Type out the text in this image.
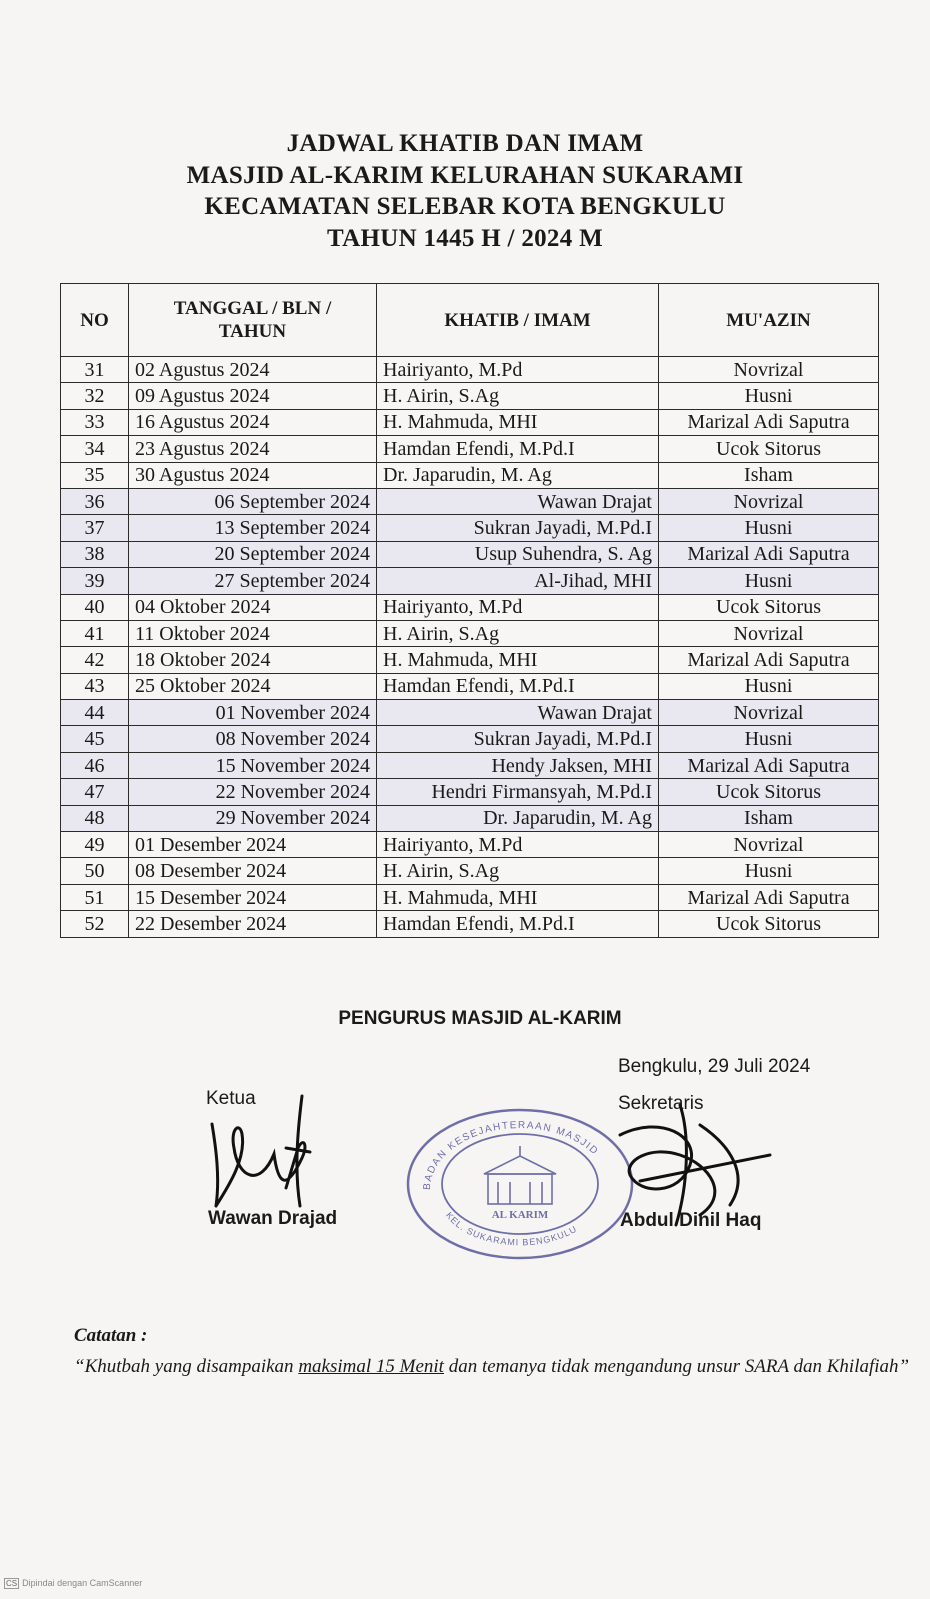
JADWAL KHATIB DAN IMAM
MASJID AL-KARIM KELURAHAN SUKARAMI
KECAMATAN SELEBAR KOTA BENGKULU
TAHUN 1445 H / 2024 M
NO	TANGGAL / BLN / TAHUN	KHATIB / IMAM	MU'AZIN
31	02 Agustus 2024	Hairiyanto, M.Pd	Novrizal
32	09 Agustus 2024	H. Airin, S.Ag	Husni
33	16 Agustus 2024	H. Mahmuda, MHI	Marizal Adi Saputra
34	23 Agustus 2024	Hamdan Efendi, M.Pd.I	Ucok Sitorus
35	30 Agustus 2024	Dr. Japarudin, M. Ag	Isham
36	06 September 2024	Wawan Drajat	Novrizal
37	13 September 2024	Sukran Jayadi, M.Pd.I	Husni
38	20 September 2024	Usup Suhendra, S. Ag	Marizal Adi Saputra
39	27 September 2024	Al-Jihad, MHI	Husni
40	04 Oktober 2024	Hairiyanto, M.Pd	Ucok Sitorus
41	11 Oktober 2024	H. Airin, S.Ag	Novrizal
42	18 Oktober 2024	H. Mahmuda, MHI	Marizal Adi Saputra
43	25 Oktober 2024	Hamdan Efendi, M.Pd.I	Husni
44	01 November 2024	Wawan Drajat	Novrizal
45	08 November 2024	Sukran Jayadi, M.Pd.I	Husni
46	15 November 2024	Hendy Jaksen, MHI	Marizal Adi Saputra
47	22 November 2024	Hendri Firmansyah, M.Pd.I	Ucok Sitorus
48	29 November 2024	Dr. Japarudin, M. Ag	Isham
49	01 Desember 2024	Hairiyanto, M.Pd	Novrizal
50	08 Desember 2024	H. Airin, S.Ag	Husni
51	15 Desember 2024	H. Mahmuda, MHI	Marizal Adi Saputra
52	22 Desember 2024	Hamdan Efendi, M.Pd.I	Ucok Sitorus
PENGURUS MASJID AL-KARIM
Bengkulu, 29 Juli 2024
Ketua	Sekretaris
BADAN KESEJAHTERAAN MASJID
KEL. SUKARAMI BENGKULU
AL KARIM
Wawan Drajad	Abdul Dinil Haq
Catatan :
“Khutbah yang disampaikan maksimal 15 Menit dan temanya tidak mengandung unsur SARA dan Khilafiah”
CS Dipindai dengan CamScanner
